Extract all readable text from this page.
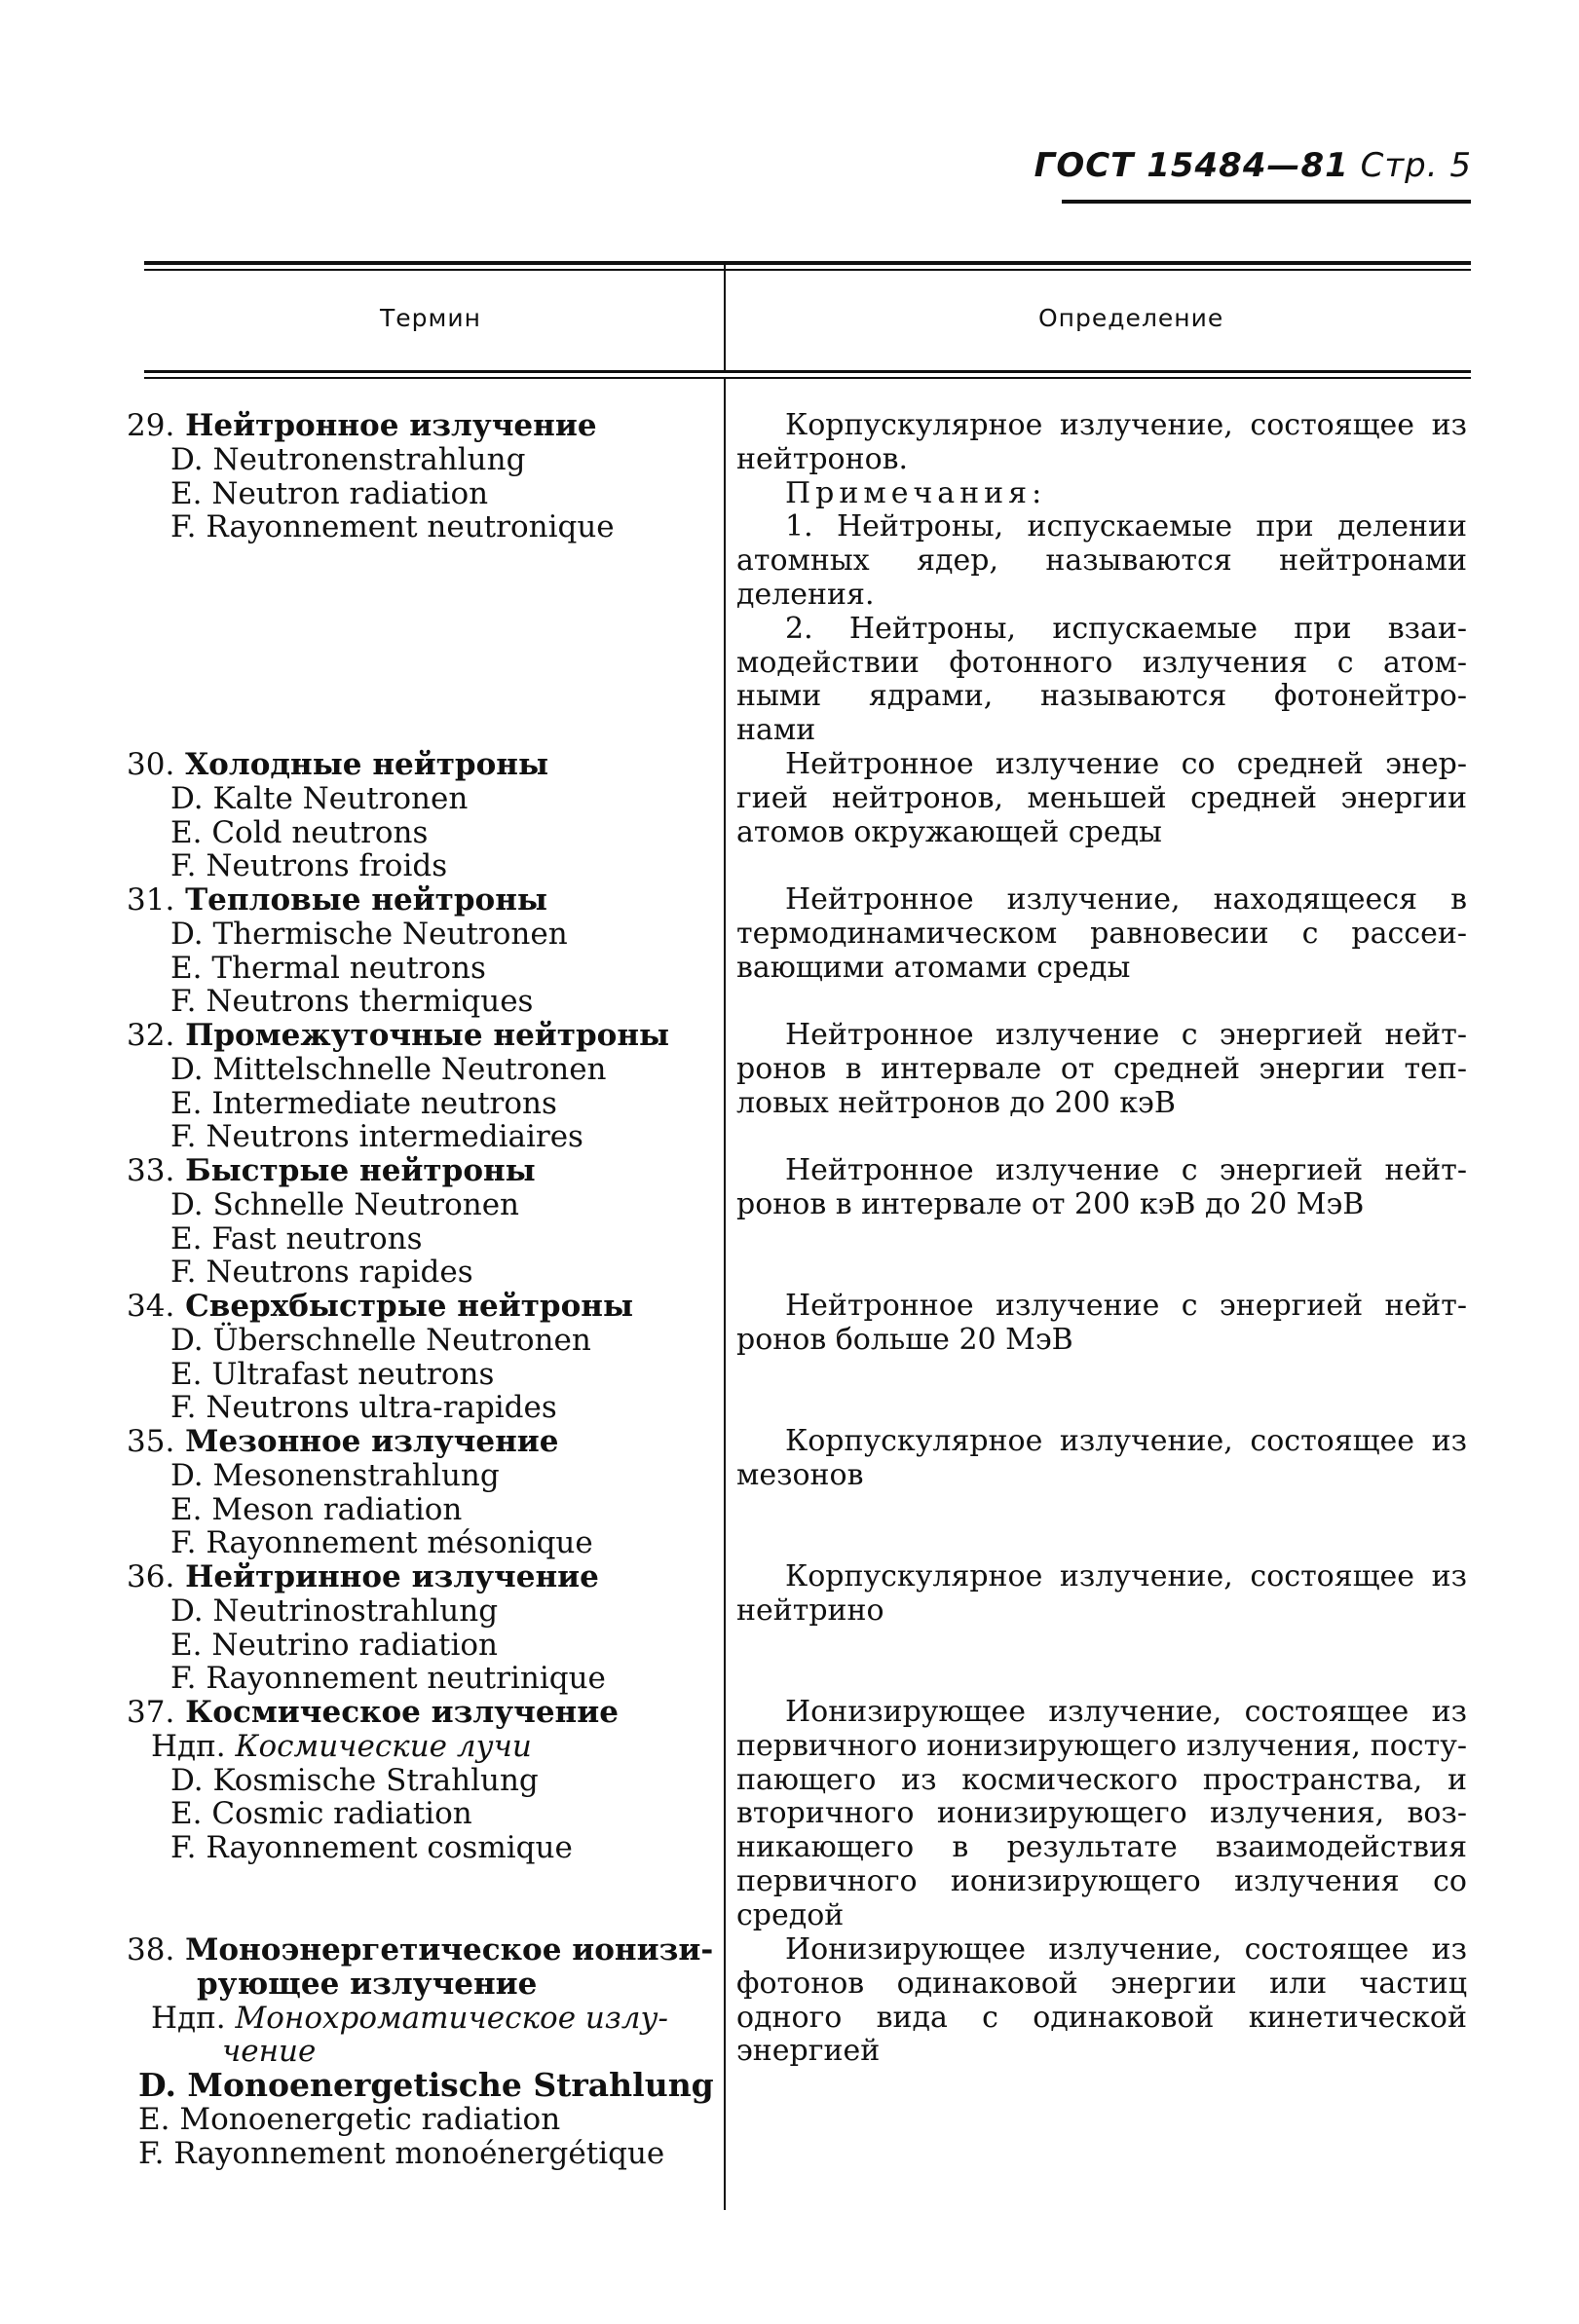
ГОСТ 15484—81 Стр. 5
Термин	Определение
29. Нейтронное излучение
D. Neutronenstrahlung
E. Neutron radiation
F. Rayonnement neutronique
Корпускулярное излучение, состоящее из
нейтронов.
Примечания:
1. Нейтроны, испускаемые при делении
атомных ядер, называются нейтронами
деления.
2. Нейтроны, испускаемые при взаи-
модействии фотонного излучения с атом-
ными ядрами, называются фотонейтро-
нами
30. Холодные нейтроны
D. Kalte Neutronen
E. Cold neutrons
F. Neutrons froids
Нейтронное излучение со средней энер-
гией нейтронов, меньшей средней энергии
атомов окружающей среды
31. Тепловые нейтроны
D. Thermische Neutronen
E. Thermal neutrons
F. Neutrons thermiques
Нейтронное излучение, находящееся в
термодинамическом равновесии с рассеи-
вающими атомами среды
32. Промежуточные нейтроны
D. Mittelschnelle Neutronen
E. Intermediate neutrons
F. Neutrons intermediaires
Нейтронное излучение с энергией нейт-
ронов в интервале от средней энергии теп-
ловых нейтронов до 200 кэВ
33. Быстрые нейтроны
D. Schnelle Neutronen
E. Fast neutrons
F. Neutrons rapides
Нейтронное излучение с энергией нейт-
ронов в интервале от 200 кэВ до 20 МэВ
34. Сверхбыстрые нейтроны
D. Überschnelle Neutronen
E. Ultrafast neutrons
F. Neutrons ultra-rapides
Нейтронное излучение с энергией нейт-
ронов больше 20 МэВ
35. Мезонное излучение
D. Mesonenstrahlung
E. Meson radiation
F. Rayonnement mésonique
Корпускулярное излучение, состоящее из
мезонов
36. Нейтринное излучение
D. Neutrinostrahlung
E. Neutrino radiation
F. Rayonnement neutrinique
Корпускулярное излучение, состоящее из
нейтрино
37. Космическое излучение
Ндп. Космические лучи
D. Kosmische Strahlung
E. Cosmic radiation
F. Rayonnement cosmique
Ионизирующее излучение, состоящее из
первичного ионизирующего излучения, посту-
пающего из космического пространства, и
вторичного ионизирующего излучения, воз-
никающего в результате взаимодействия
первичного ионизирующего излучения со
средой
38. Моноэнергетическое ионизи-
рующее излучение
Ндп. Монохроматическое излу-
чение
D. Monoenergetische Strahlung
E. Monoenergetic radiation
F. Rayonnement monoénergétique
Ионизирующее излучение, состоящее из
фотонов одинаковой энергии или частиц
одного вида с одинаковой кинетической
энергией
